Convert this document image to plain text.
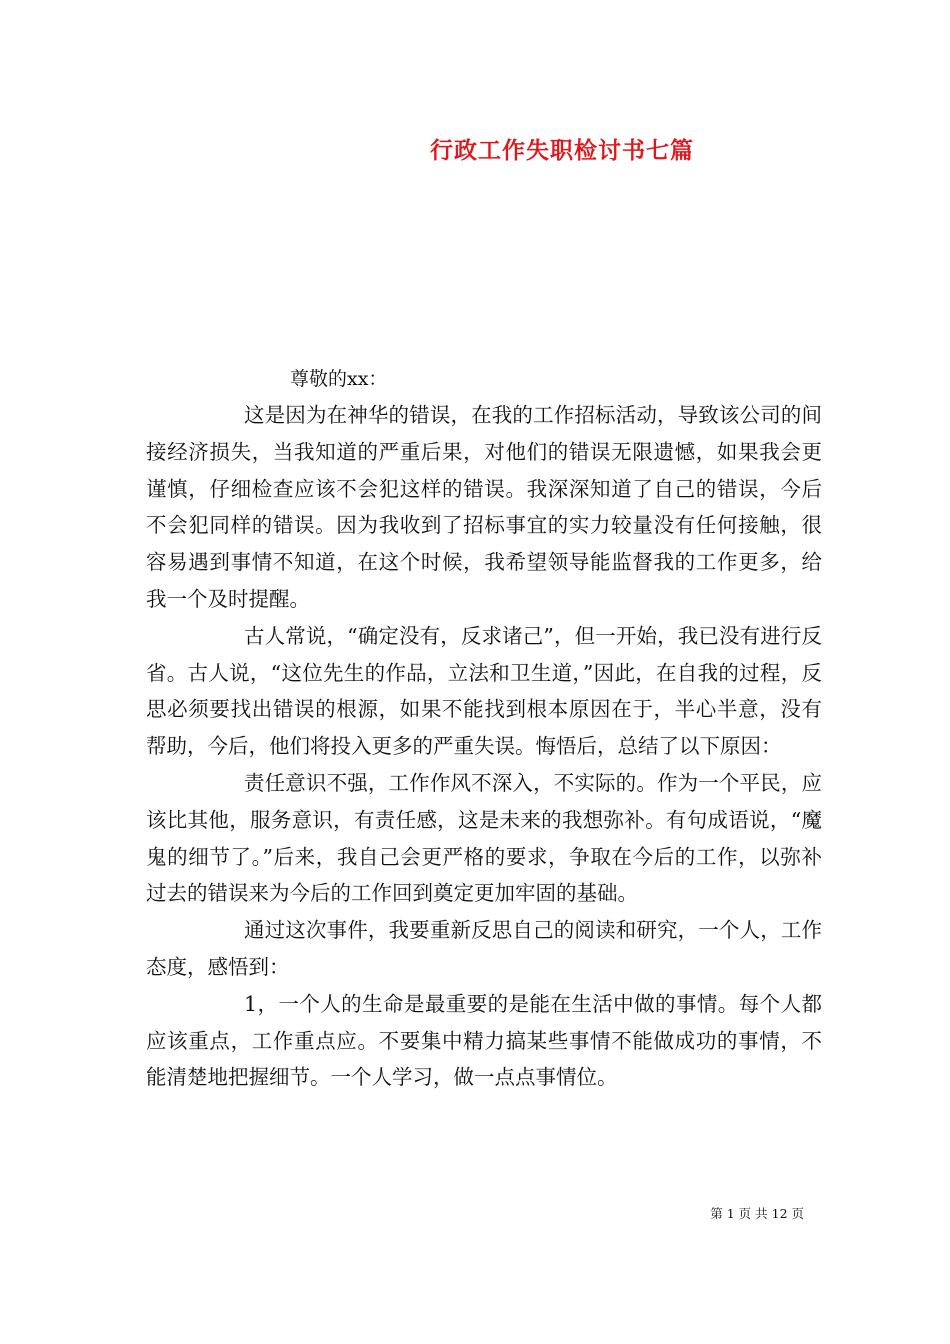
行政工作失职检讨书七篇
尊敬的xx：

这是因为在神华的错误，在我的工作招标活动，导致该公司的间接经济损失，当我知道的严重后果，对他们的错误无限遗憾，如果我会更谨慎，仔细检查应该不会犯这样的错误。我深深知道了自己的错误，今后不会犯同样的错误。因为我收到了招标事宜的实力较量没有任何接触，很容易遇到事情不知道，在这个时候，我希望领导能监督我的工作更多，给我一个及时提醒。

古人常说，“确定没有，反求诸己”，但一开始，我已没有进行反省。古人说，“这位先生的作品，立法和卫生道，”因此，在自我的过程，反思必须要找出错误的根源，如果不能找到根本原因在于，半心半意，没有帮助，今后，他们将投入更多的严重失误。悔悟后，总结了以下原因：

责任意识不强，工作作风不深入，不实际的。作为一个平民，应该比其他，服务意识，有责任感，这是未来的我想弥补。有句成语说，“魔鬼的细节了。”后来，我自己会更严格的要求，争取在今后的工作，以弥补过去的错误来为今后的工作回到奠定更加牢固的基础。

通过这次事件，我要重新反思自己的阅读和研究，一个人，工作态度，感悟到：

1，一个人的生命是最重要的是能在生活中做的事情。每个人都应该重点，工作重点应。不要集中精力搞某些事情不能做成功的事情，不能清楚地把握细节。一个人学习，做一点点事情位。

第 1 页 共 12 页
